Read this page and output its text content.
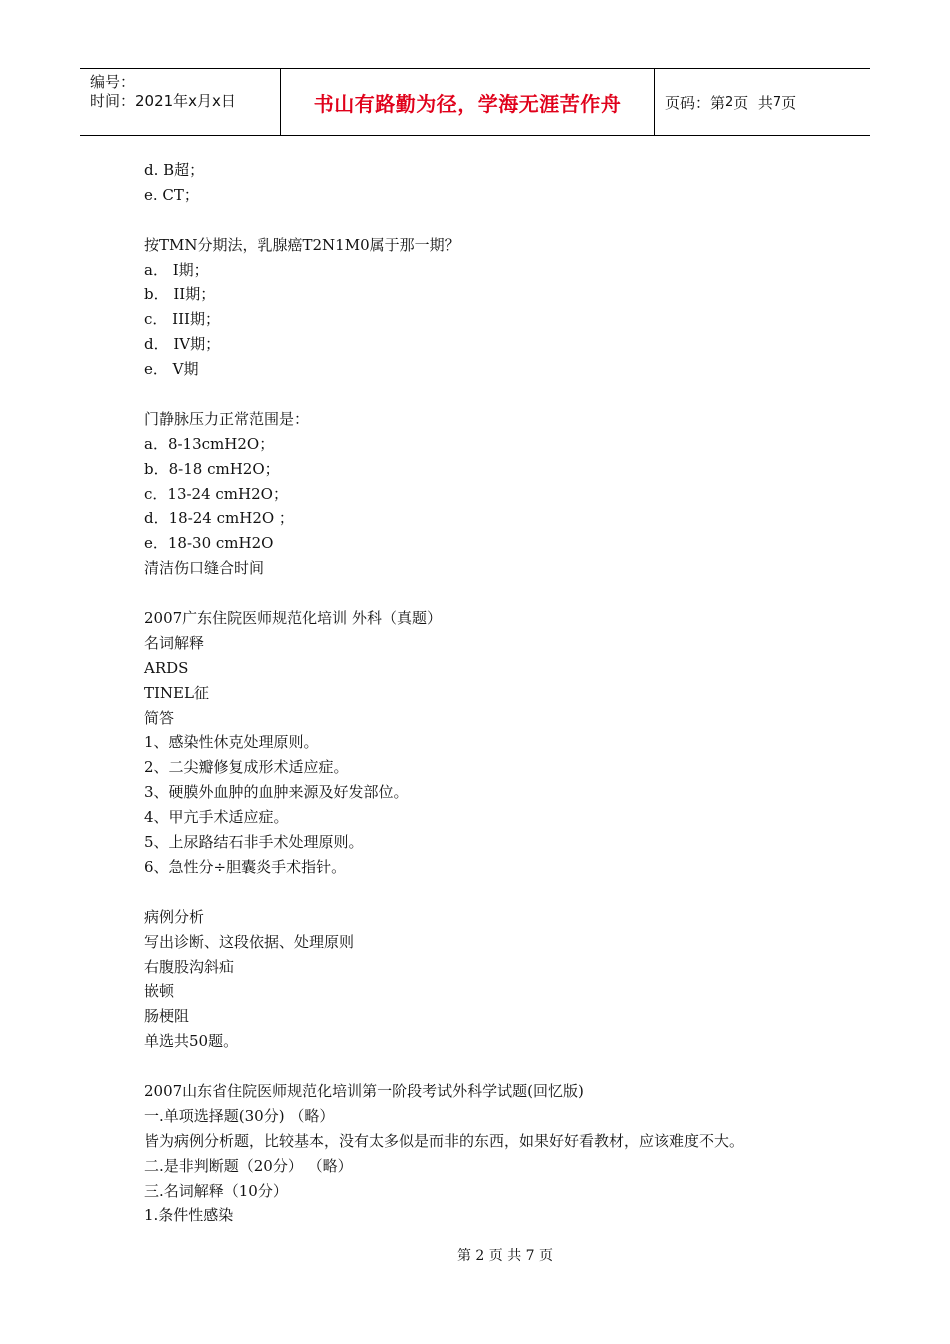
编号：
时间：2021年x月x日	书山有路勤为径，学海无涯苦作舟	页码：第 2 页  共 7 页
d. B超；
e. CT；
按TMN分期法，乳腺癌T2N1M0属于那一期？
a． I期；
b． II期；
c． III期；
d． IV期；
e． Ⅴ期
门静脉压力正常范围是：
a．8-13cmH2O；
b．8-18 cmH2O；
c．13-24 cmH2O；
d．18-24 cmH2O ；
e．18-30 cmH2O
清洁伤口缝合时间
2007广东住院医师规范化培训 外科（真题）
名词解释
ARDS
TINEL征
简答
1、感染性休克处理原则。
2、二尖瓣修复成形术适应症。
3、硬膜外血肿的血肿来源及好发部位。
4、甲亢手术适应症。
5、上尿路结石非手术处理原则。
6、急性分÷胆囊炎手术指针。
病例分析
写出诊断、这段依据、处理原则
右腹股沟斜疝
嵌顿
肠梗阻
单选共50题。
2007山东省住院医师规范化培训第一阶段考试外科学试题(回忆版)
一.单项选择题(30分) （略）
皆为病例分析题，比较基本，没有太多似是而非的东西，如果好好看教材，应该难度不大。
二.是非判断题（20分） （略）
三.名词解释（10分）
1.条件性感染
第 2 页 共 7 页
